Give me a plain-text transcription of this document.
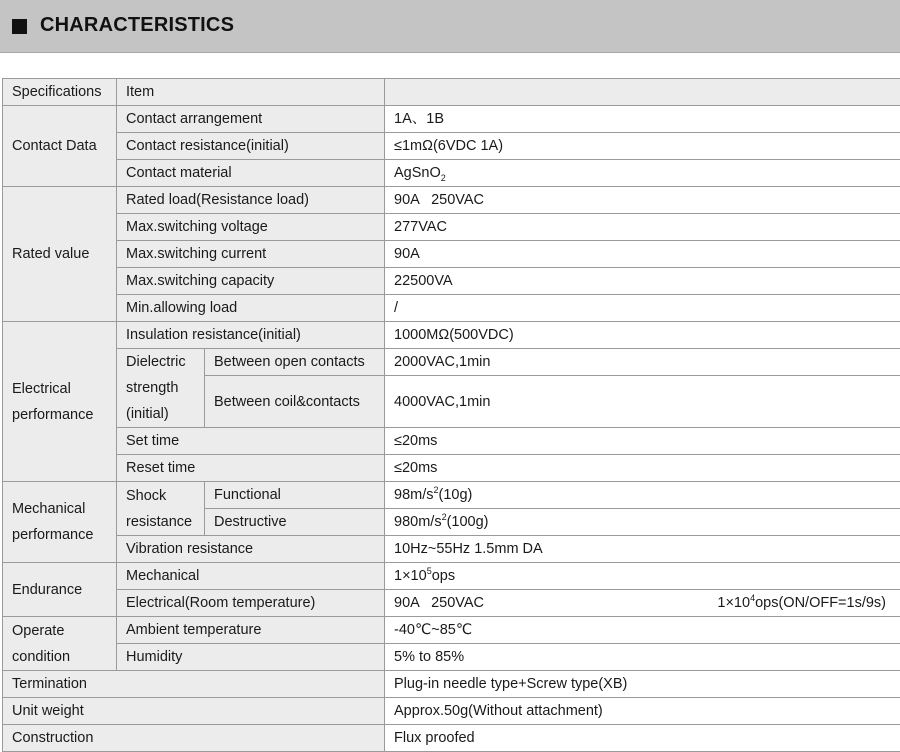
CHARACTERISTICS
Specifications	Item		
Contact Data	Contact arrangement		1A、1B
	Contact resistance(initial)		≤1mΩ(6VDC 1A)
	Contact material		AgSnO$_2$
Rated value	Rated load(Resistance load)		90A   250VAC
	Max.switching voltage		277VAC
	Max.switching current		90A
	Max.switching capacity		22500VA
	Min.allowing load		/
Electrical
performance	Insulation resistance(initial)		1000MΩ(500VDC)
	Dielectric
strength
(initial)	Between open contacts	2000VAC,1min
		Between coil&contacts	4000VAC,1min
	Set time		≤20ms
	Reset time		≤20ms
Mechanical
performance	Shock
resistance	Functional	$98m/s^2(10g)$
		Destructive	$980m/s^2(100g)$
	Vibration resistance		10Hz~55Hz 1.5mm DA
Endurance	Mechanical		$1\times 10^5ops$
	Electrical(Room temperature)		90A   250VAC $1\times 10^4ops(ON/OFF=1s/9s)$

Operate
condition	Ambient temperature		-40℃~85℃
	Humidity		5% to 85%
Termination			Plug-in needle type+Screw type(XB)
Unit weight			Approx.50g(Without attachment)
Construction			Flux proofed
